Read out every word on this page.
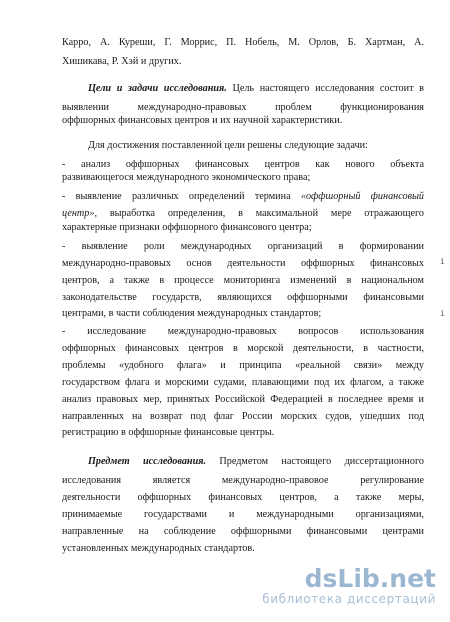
Карро, А. Куреши, Г. Моррис, П. Нобель, М. Орлов, Б. Хартман, А.
Хишикава, Р. Хэй и других.
Цели и задачи исследования. Цель настоящего исследования состоит в
выявлении международно-правовых проблем функционирования
оффшорных финансовых центров и их научной характеристики.
Для достижения поставленной цели решены следующие задачи:
- анализ оффшорных финансовых центров как нового объекта
развивающегося международного экономического права;
- выявление различных определений термина «оффшорный финансовый
центр», выработка определения, в максимальной мере отражающего
характерные признаки оффшорного финансового центра;
- выявление роли международных организаций в формировании
международно-правовых основ деятельности оффшорных финансовых
центров, а также в процессе мониторинга изменений в национальном
законодательстве государств, являющихся оффшорными финансовыми
центрами, в части соблюдения международных стандартов;
- исследование международно-правовых вопросов использования
оффшорных финансовых центров в морской деятельности, в частности,
проблемы «удобного флага» и принципа «реальной связи» между
государством флага и морскими судами, плавающими под их флагом, а также
анализ правовых мер, принятых Российской Федерацией в последнее время и
направленных на возврат под флаг России морских судов, ушедших под
регистрацию в оффшорные финансовые центры.
Предмет исследования. Предметом настоящего диссертационного
исследования является международно-правовое регулирование
деятельности оффшорных финансовых центров, а также меры,
принимаемые государствами и международными организациями,
направленные на соблюдение оффшорными финансовыми центрами
установленных международных стандартов.
i
i
dsLib.net
библиотека диссертаций
